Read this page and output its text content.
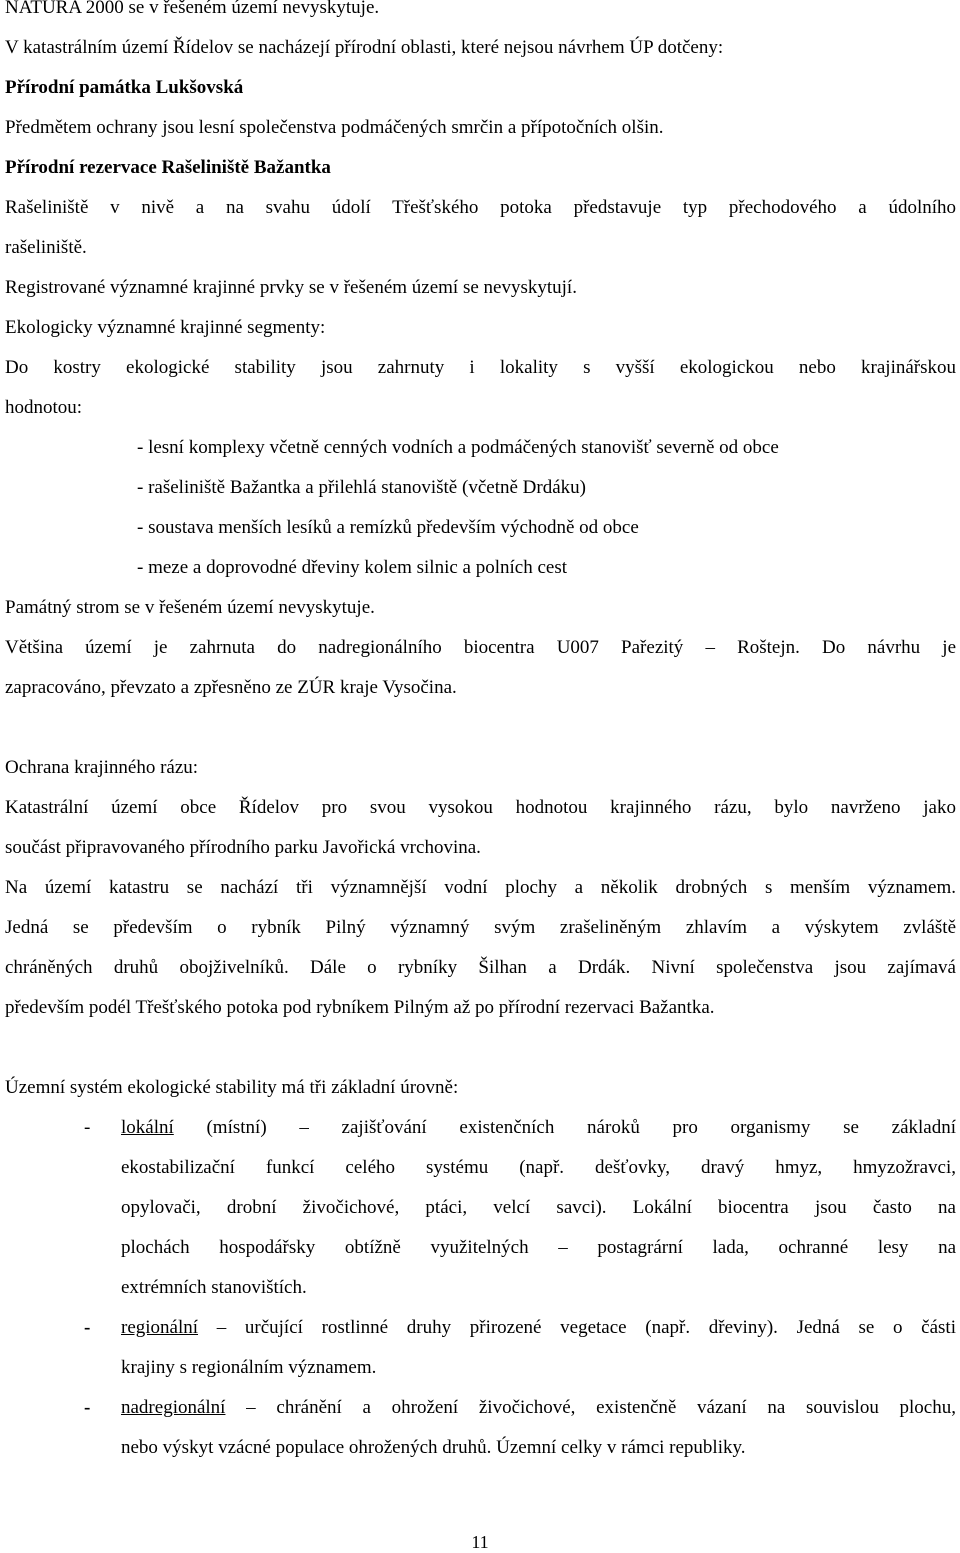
NATURA 2000 se v řešeném území nevyskytuje.
V katastrálním území Řídelov se nacházejí přírodní oblasti, které nejsou návrhem ÚP dotčeny:
Přírodní památka Lukšovská
Předmětem ochrany jsou lesní společenstva podmáčených smrčin a přípotočních olšin.
Přírodní rezervace Rašeliniště Bažantka
Rašeliniště v nivě a na svahu údolí Třešťského potoka představuje typ přechodového a údolního
rašeliniště.
Registrované významné krajinné prvky se v řešeném území se nevyskytují.
Ekologicky významné krajinné segmenty:
Do kostry ekologické stability jsou zahrnuty i lokality s vyšší ekologickou nebo krajinářskou
hodnotou:
- lesní komplexy včetně cenných vodních a podmáčených stanovišť severně od obce
- rašeliniště Bažantka a přilehlá stanoviště (včetně Drdáku)
- soustava menších lesíků a remízků především východně od obce
- meze a doprovodné dřeviny kolem silnic a polních cest
Památný strom se v řešeném území nevyskytuje.
Většina území je zahrnuta do nadregionálního biocentra U007 Pařezitý – Roštejn. Do návrhu je
zapracováno, převzato a zpřesněno ze ZÚR kraje Vysočina.
Ochrana krajinného rázu:
Katastrální území obce Řídelov pro svou vysokou hodnotou krajinného rázu, bylo navrženo jako
součást připravovaného přírodního parku Javořická vrchovina.
Na území katastru se nachází tři významnější vodní plochy a několik drobných s menším významem.
Jedná se především o rybník Pilný významný svým zrašeliněným zhlavím a výskytem zvláště
chráněných druhů obojživelníků. Dále o rybníky Šilhan a Drdák. Nivní společenstva jsou zajímavá
především podél Třešťského potoka pod rybníkem Pilným až po přírodní rezervaci Bažantka.
Územní systém ekologické stability má tři základní úrovně:
- lokální (místní) – zajišťování existenčních nároků pro organismy se základní
ekostabilizační funkcí celého systému (např. dešťovky, dravý hmyz, hmyzožravci,
opylovači, drobní živočichové, ptáci, velcí savci). Lokální biocentra jsou často na
plochách hospodářsky obtížně využitelných – postagrární lada, ochranné lesy na
extrémních stanovištích.
- regionální – určující rostlinné druhy přirozené vegetace (např. dřeviny). Jedná se o části
krajiny s regionálním významem.
- nadregionální – chránění a ohrožení živočichové, existenčně vázaní na souvislou plochu,
nebo výskyt vzácné populace ohrožených druhů. Územní celky v rámci republiky.
11
